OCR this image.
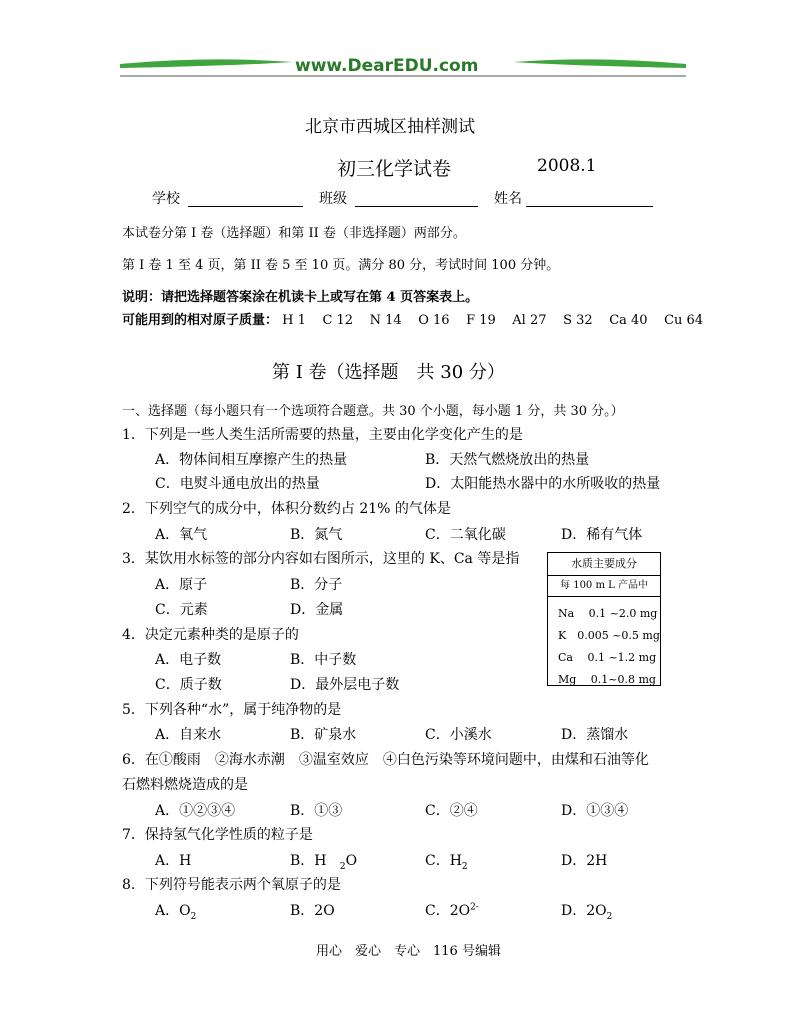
www.DearEDU.com
北京市西城区抽样测试
初三化学试卷	2008.1
学校	班级	姓名
本试卷分第 I 卷（选择题）和第 II 卷（非选择题）两部分。
第 I 卷 1 至 4 页，第 II 卷 5 至 10 页。满分 80 分，考试时间 100 分钟。
说明：请把选择题答案涂在机读卡上或写在第 4 页答案表上。
可能用到的相对原子质量： H 1 C 12 N 14 O 16 F 19 Al 27 S 32 Ca 40 Cu 64
第 Ⅰ 卷（选择题　共 30 分）
一、选择题（每小题只有一个选项符合题意。共 30 个小题，每小题 1 分，共 30 分。）
1．下列是一些人类生活所需要的热量，主要由化学变化产生的是
A．物体间相互摩擦产生的热量	B．天然气燃烧放出的热量
C．电熨斗通电放出的热量	D．太阳能热水器中的水所吸收的热量
2．下列空气的成分中，体积分数约占 21% 的气体是
A．氧气	B．氮气	C．二氧化碳	D．稀有气体
3．某饮用水标签的部分内容如右图所示，这里的 K、Ca 等是指
A．原子	B．分子
C．元素	D．金属
水质主要成分
每 100 m L 产品中
Na　 0.1 ~2.0 mg
K　0.005 ~0.5 mg
Ca　 0.1 ~1.2 mg
Mg　 0.1~0.8 mg
4．决定元素种类的是原子的
A．电子数	B．中子数
C．质子数	D．最外层电子数
5．下列各种“水”，属于纯净物的是
A．自来水	B．矿泉水	C．小溪水	D．蒸馏水
6．在①酸雨　②海水赤潮　③温室效应　④白色污染等环境问题中，由煤和石油等化
石燃料燃烧造成的是
A．①②③④	B．①③	C．②④	D．①③④
7．保持氢气化学性质的粒子是
A．H	B．H $_2$O	C．$H_2$	D．2H
8．下列符号能表示两个氧原子的是
A．$O_2$	B．2O	C．$2O^{2-}$	D．$2O_2$
用心　爱心　专心　116 号编辑
